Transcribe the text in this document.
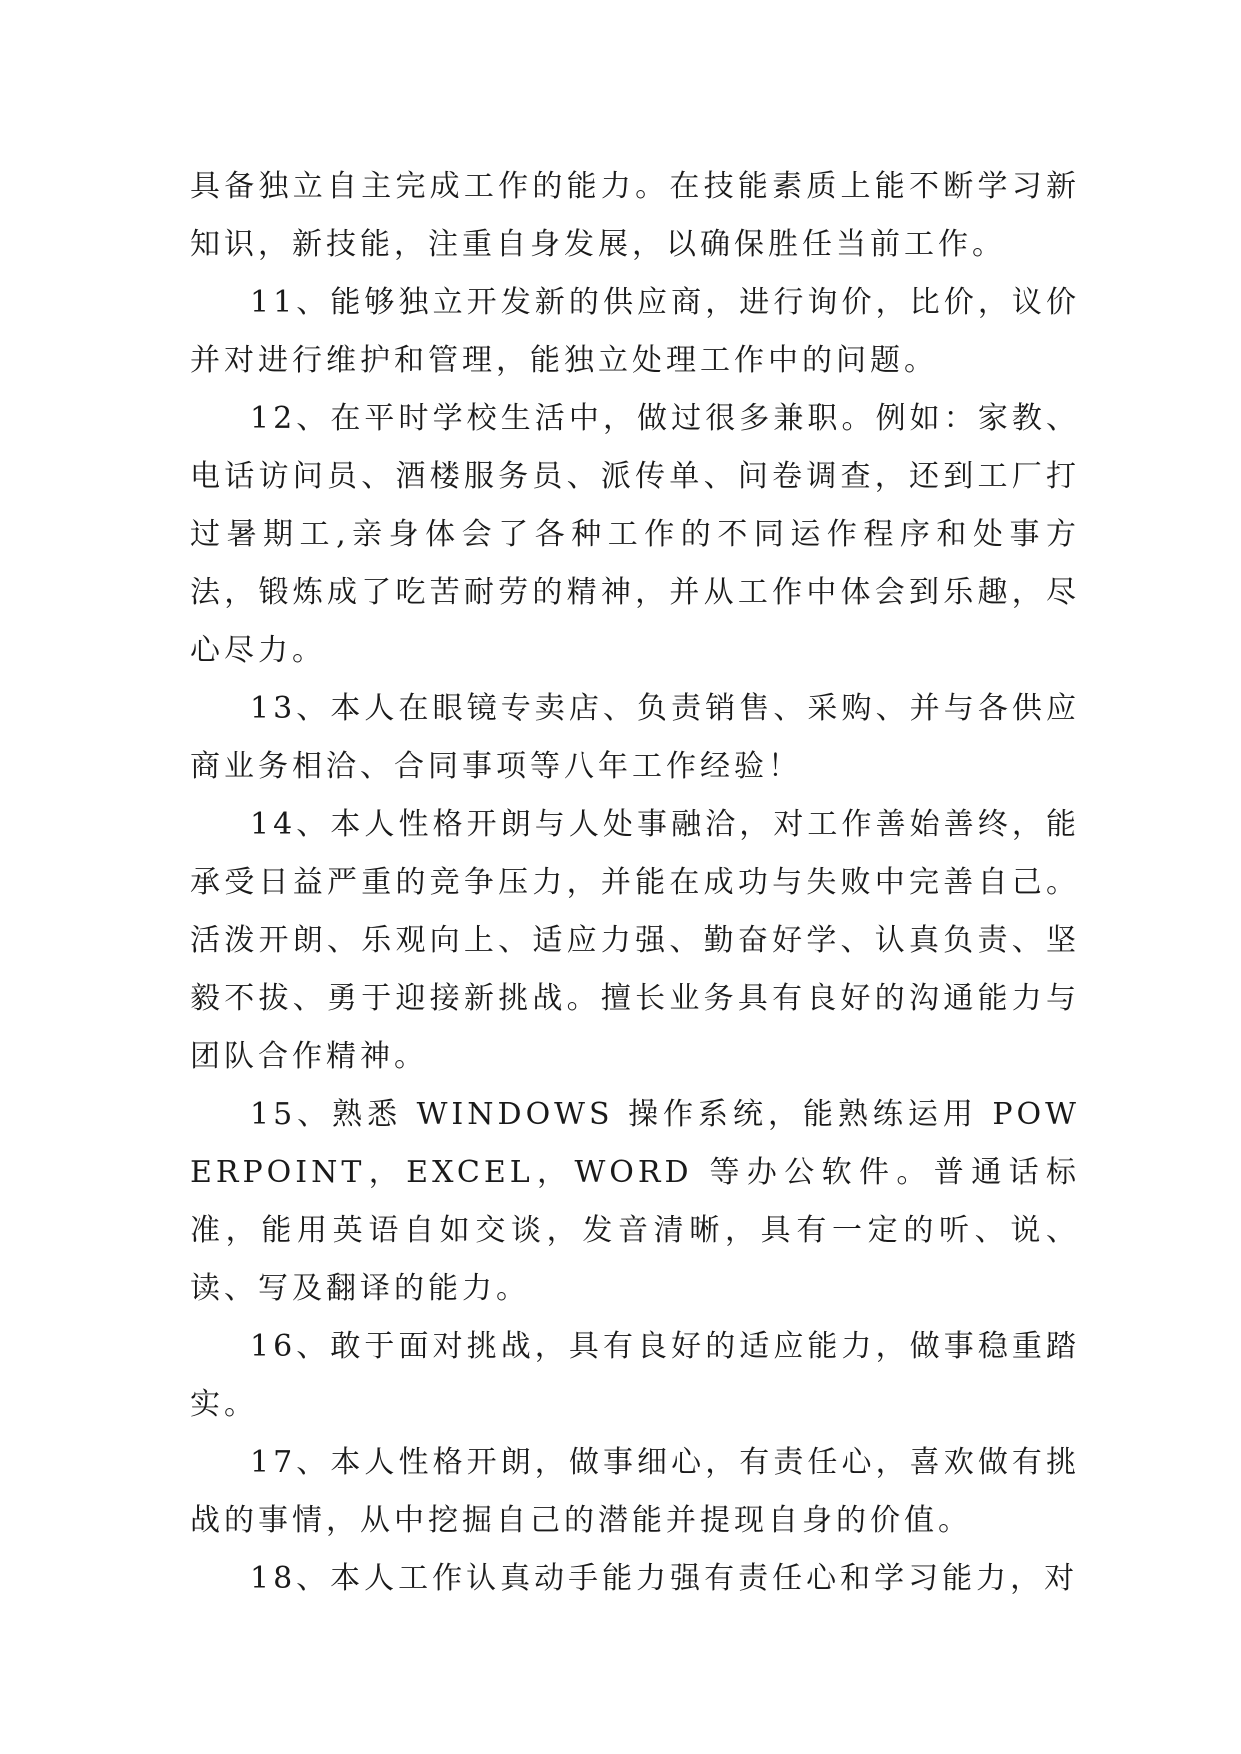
具备独立自主完成工作的能力。在技能素质上能不断学习新知识，新技能，注重自身发展，以确保胜任当前工作。

11、能够独立开发新的供应商，进行询价，比价，议价并对进行维护和管理，能独立处理工作中的问题。

12、在平时学校生活中，做过很多兼职。例如：家教、电话访问员、酒楼服务员、派传单、问卷调查，还到工厂打过暑期工,亲身体会了各种工作的不同运作程序和处事方法，锻炼成了吃苦耐劳的精神，并从工作中体会到乐趣，尽心尽力。

13、本人在眼镜专卖店、负责销售、采购、并与各供应商业务相洽、合同事项等八年工作经验！

14、本人性格开朗与人处事融洽，对工作善始善终，能承受日益严重的竞争压力，并能在成功与失败中完善自己。活泼开朗、乐观向上、适应力强、勤奋好学、认真负责、坚毅不拔、勇于迎接新挑战。擅长业务具有良好的沟通能力与团队合作精神。

15、熟悉 WINDOWS 操作系统，能熟练运用 POWERPOINT，EXCEL，WORD 等办公软件。普通话标准，能用英语自如交谈，发音清晰，具有一定的听、说、读、写及翻译的能力。

16、敢于面对挑战，具有良好的适应能力，做事稳重踏实。

17、本人性格开朗，做事细心，有责任心，喜欢做有挑战的事情，从中挖掘自己的潜能并提现自身的价值。

18、本人工作认真动手能力强有责任心和学习能力，对
